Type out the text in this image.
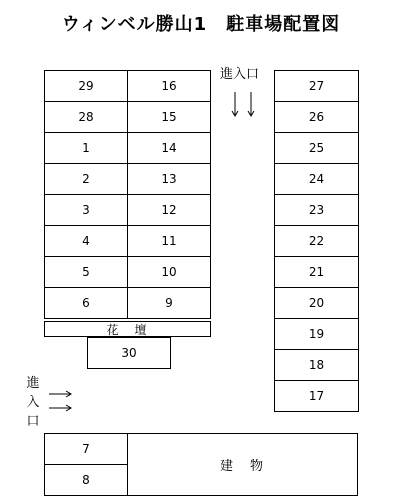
ウィンベル勝山1　駐車場配置図
29
28
1
2
3
4
5
6
16
15
14
13
12
11
10
9
花　壇
30
27
26
25
24
23
22
21
20
19
18
17
進入口
進
入
口
7
8
建　物
